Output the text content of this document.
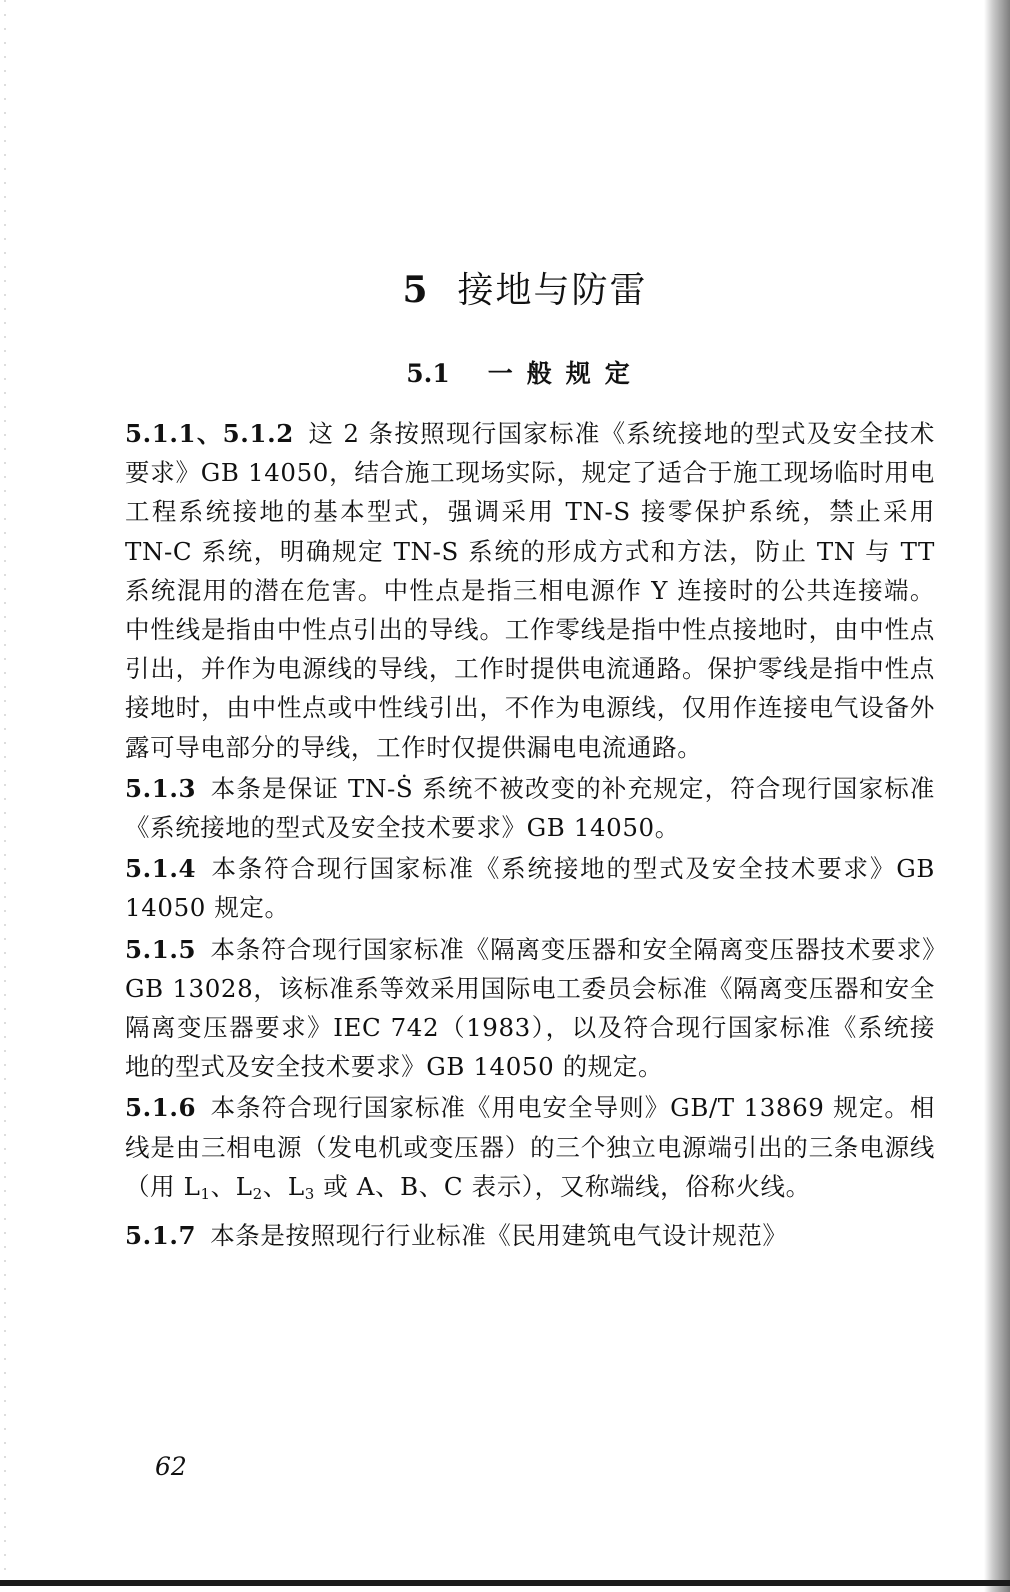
5 接地与防雷
5.1 一般规定

5.1.1、5.1.2 这 2 条按照现行国家标准《系统接地的型式及安全技术要求》GB 14050，结合施工现场实际，规定了适合于施工现场临时用电工程系统接地的基本型式，强调采用 TN-S 接零保护系统，禁止采用 TN-C 系统，明确规定 TN-S 系统的形成方式和方法，防止 TN 与 TT 系统混用的潜在危害。中性点是指三相电源作 Y 连接时的公共连接端。中性线是指由中性点引出的导线。工作零线是指中性点接地时，由中性点引出，并作为电源线的导线，工作时提供电流通路。保护零线是指中性点接地时，由中性点或中性线引出，不作为电源线，仅用作连接电气设备外露可导电部分的导线，工作时仅提供漏电电流通路。

5.1.3 本条是保证 TN-Ṡ 系统不被改变的补充规定，符合现行国家标准《系统接地的型式及安全技术要求》GB 14050。

5.1.4 本条符合现行国家标准《系统接地的型式及安全技术要求》GB 14050 规定。

5.1.5 本条符合现行国家标准《隔离变压器和安全隔离变压器技术要求》GB 13028，该标准系等效采用国际电工委员会标准《隔离变压器和安全隔离变压器要求》IEC 742（1983），以及符合现行国家标准《系统接地的型式及安全技术要求》GB 14050 的规定。

5.1.6 本条符合现行国家标准《用电安全导则》GB/T 13869 规定。相线是由三相电源（发电机或变压器）的三个独立电源端引出的三条电源线（用 $L_1$、$L_2$、$L_3$ 或 A、B、C 表示），又称端线，俗称火线。

5.1.7 本条是按照现行行业标准《民用建筑电气设计规范》

62
